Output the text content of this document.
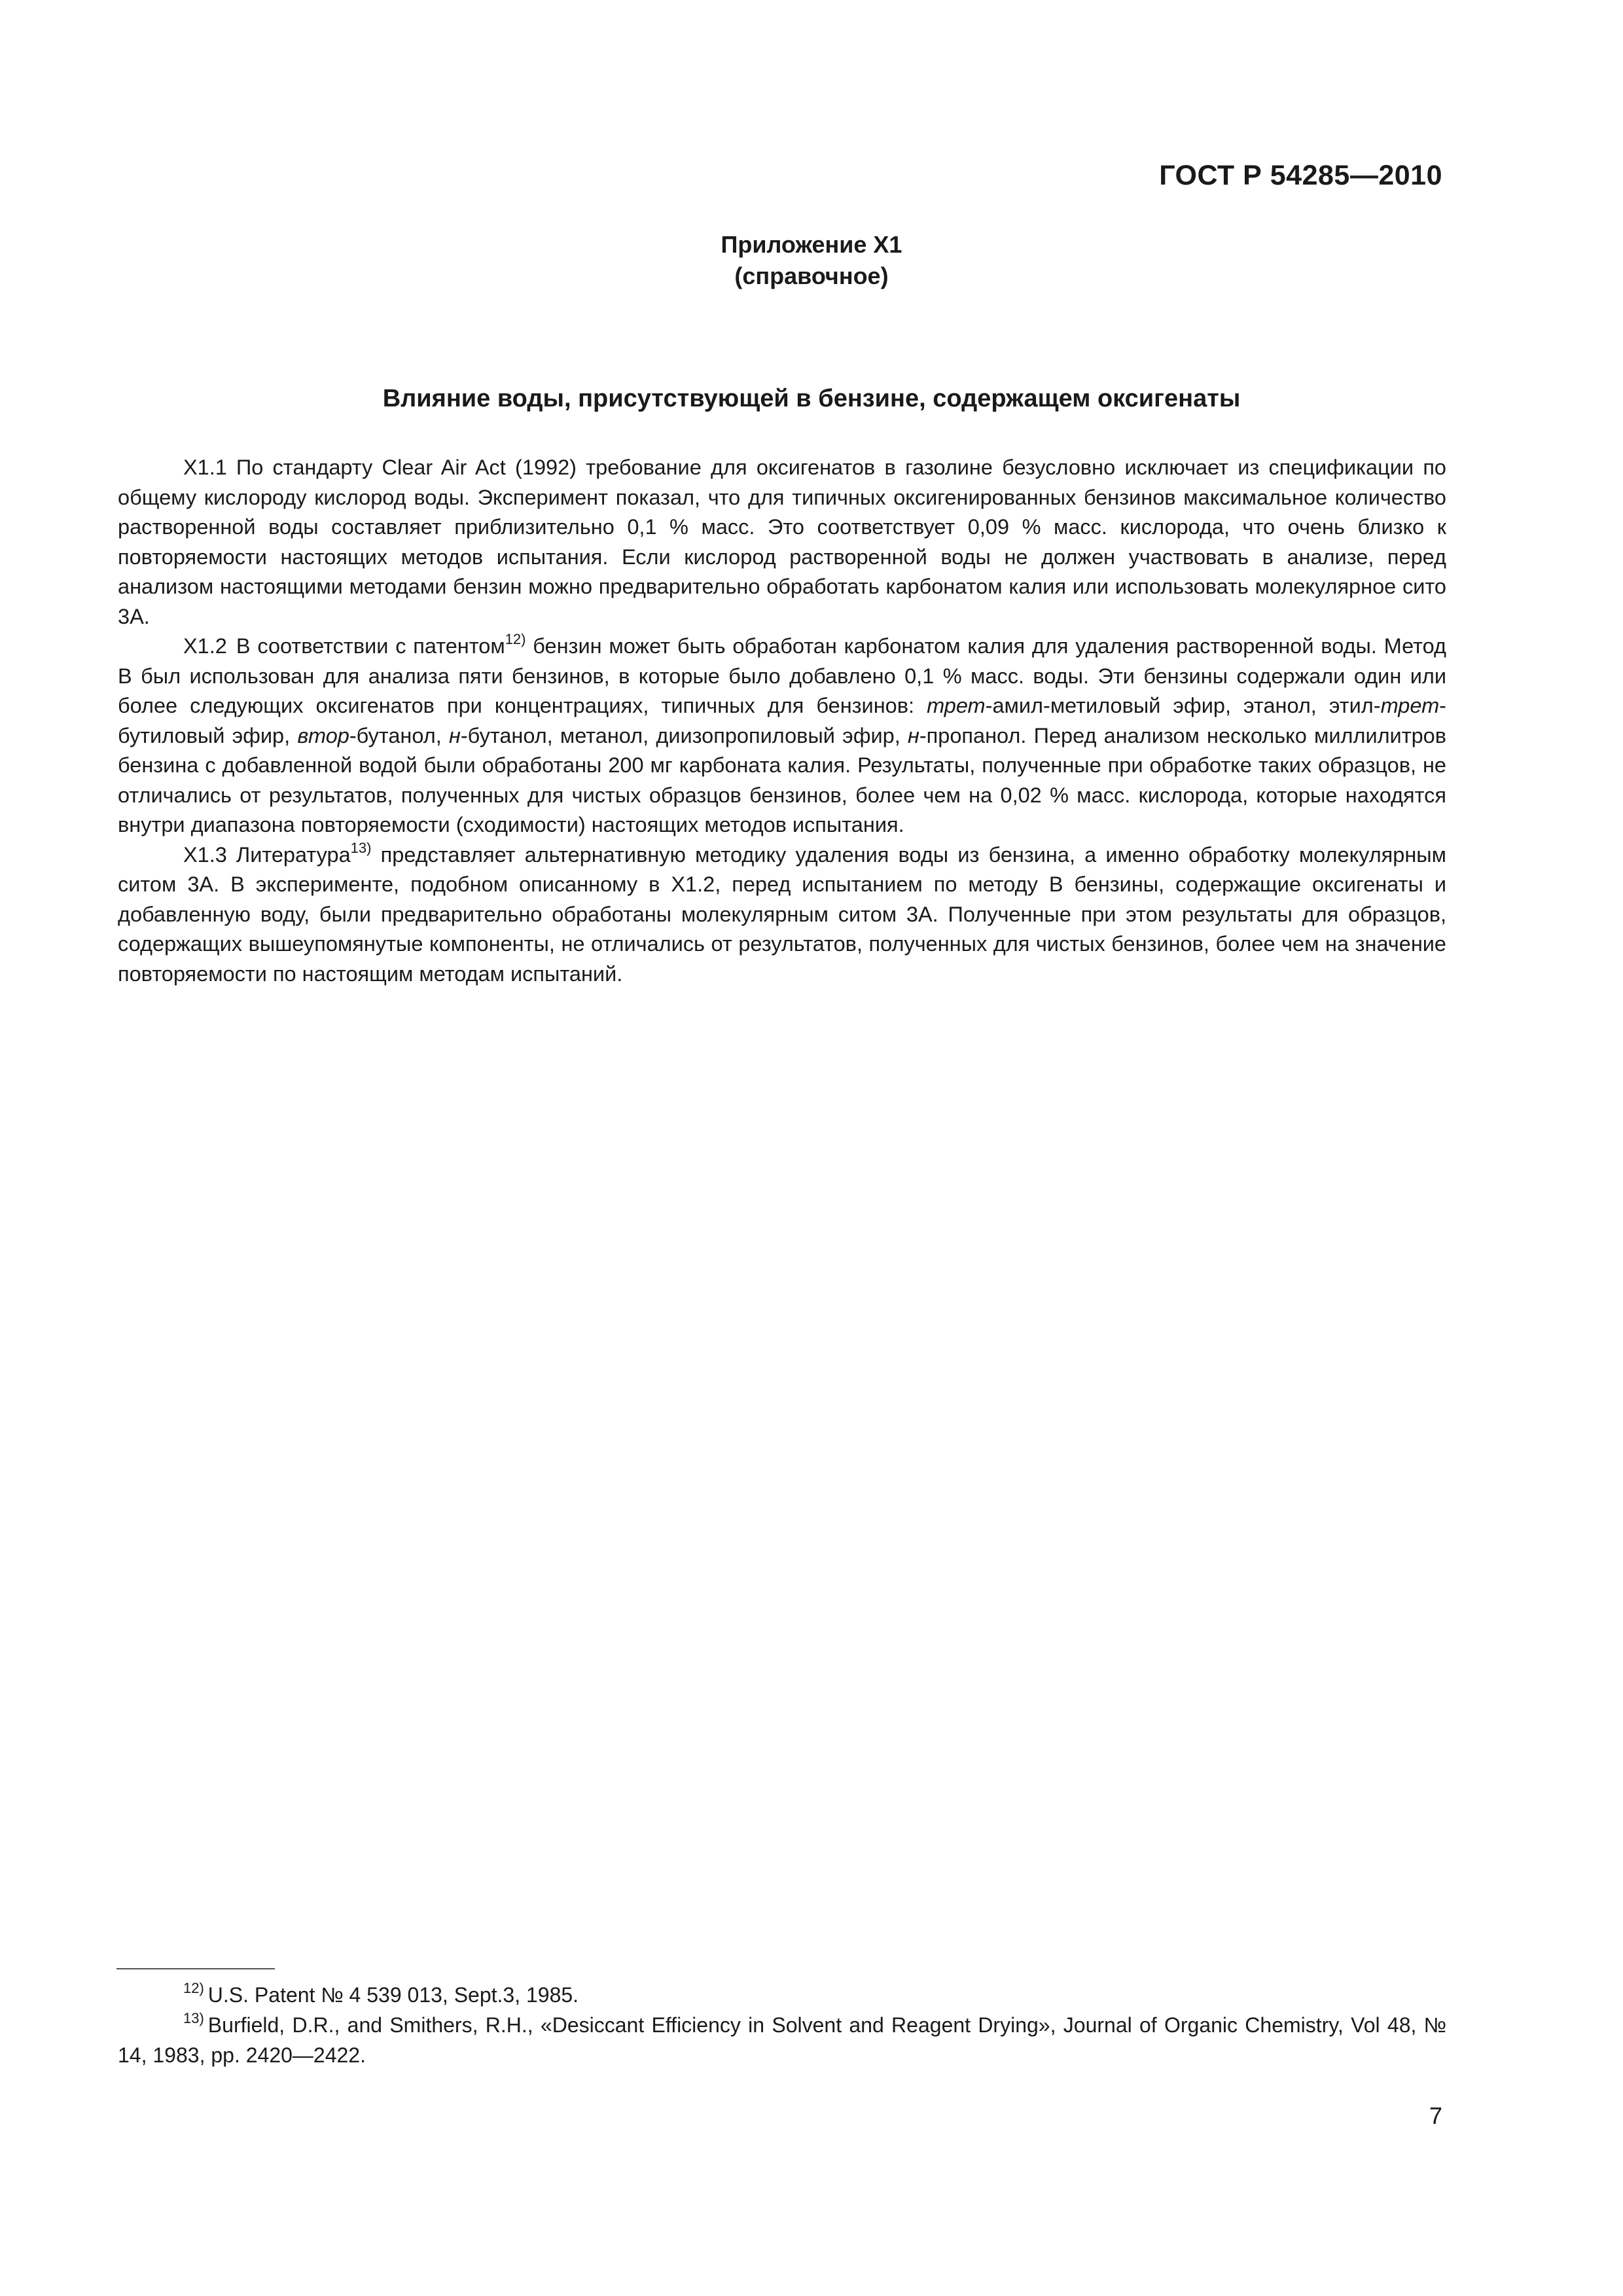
ГОСТ Р 54285—2010
Приложение Х1
(справочное)
Влияние воды, присутствующей в бензине, содержащем оксигенаты

Х1.1 По стандарту Clear Air Act (1992) требование для оксигенатов в газолине безусловно исключает из спецификации по общему кислороду кислород воды. Эксперимент показал, что для типичных оксигенированных бензинов максимальное количество растворенной воды составляет приблизительно 0,1 % масс. Это соответствует 0,09 % масс. кислорода, что очень близко к повторяемости настоящих методов испытания. Если кислород растворенной воды не должен участвовать в анализе, перед анализом настоящими методами бензин можно предварительно обработать карбонатом калия или использовать молекулярное сито 3А.

Х1.2 В соответствии с патентом$^{12)}$ бензин может быть обработан карбонатом калия для удаления растворенной воды. Метод В был использован для анализа пяти бензинов, в которые было добавлено 0,1 % масс. воды. Эти бензины содержали один или более следующих оксигенатов при концентрациях, типичных для бензинов: трет-амил-метиловый эфир, этанол, этил-трет-бутиловый эфир, втор-бутанол, н-бутанол, метанол, диизопропиловый эфир, н-пропанол. Перед анализом несколько миллилитров бензина с добавленной водой были обработаны 200 мг карбоната калия. Результаты, полученные при обработке таких образцов, не отличались от результатов, полученных для чистых образцов бензинов, более чем на 0,02 % масс. кислорода, которые находятся внутри диапазона повторяемости (сходимости) настоящих методов испытания.

Х1.3 Литература$^{13)}$ представляет альтернативную методику удаления воды из бензина, а именно обработку молекулярным ситом 3А. В эксперименте, подобном описанному в Х1.2, перед испытанием по методу В бензины, содержащие оксигенаты и добавленную воду, были предварительно обработаны молекулярным ситом 3А. Полученные при этом результаты для образцов, содержащих вышеупомянутые компоненты, не отличались от результатов, полученных для чистых бензинов, более чем на значение повторяемости по настоящим методам испытаний.

$^{12)}$ U.S. Patent № 4 539 013, Sept.3, 1985.

$^{13)}$ Burfield, D.R., and Smithers, R.H., «Desiccant Efficiency in Solvent and Reagent Drying», Journal of Organic Chemistry, Vol 48, № 14, 1983, pp. 2420—2422.

7
